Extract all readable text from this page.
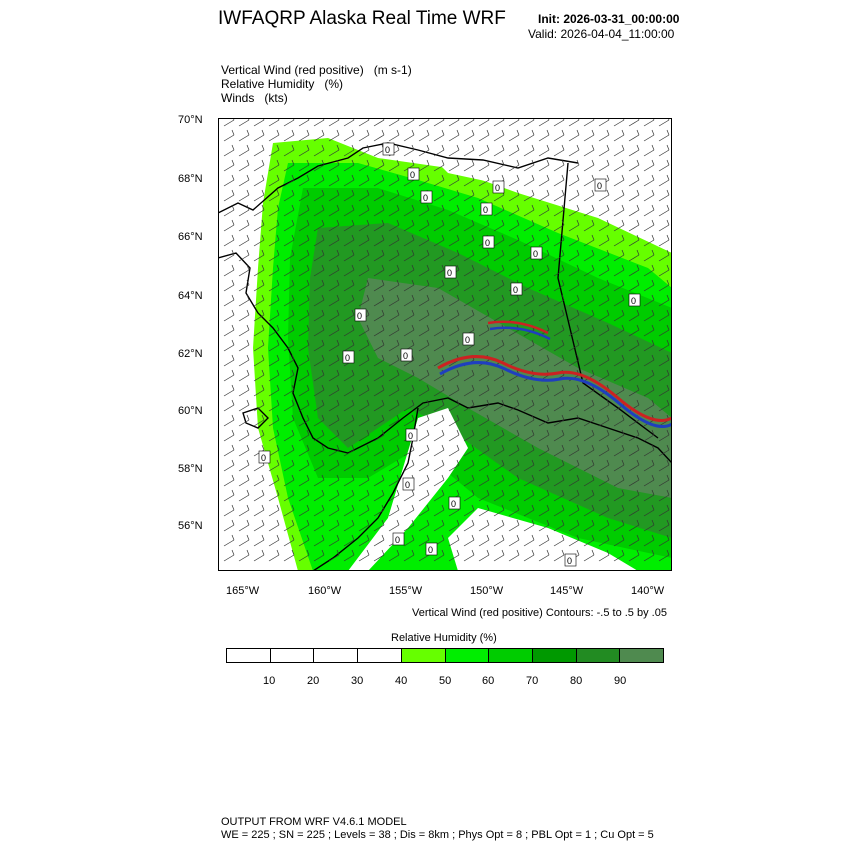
IWFAQRP Alaska Real Time WRF	Init: 2026-03-31_00:00:00
Valid: 2026-04-04_11:00:00
Vertical Wind (red positive) (m s-1)
Relative Humidity (%)
Winds (kts)
0
0
0
0
0
0
0
0
0
0
0
0
0	0
0
0
0
0
0
0
0
0
70°N
68°N
66°N
64°N
62°N
60°N
58°N
56°N
165°W	160°W	155°W	150°W	145°W	140°W
Vertical Wind (red positive) Contours: -.5 to .5 by .05
Relative Humidity (%)
10	20	30	40	50	60	70	80	90
OUTPUT FROM WRF V4.6.1 MODEL
WE = 225 ; SN = 225 ; Levels = 38 ; Dis = 8km ; Phys Opt = 8 ; PBL Opt = 1 ; Cu Opt = 5
